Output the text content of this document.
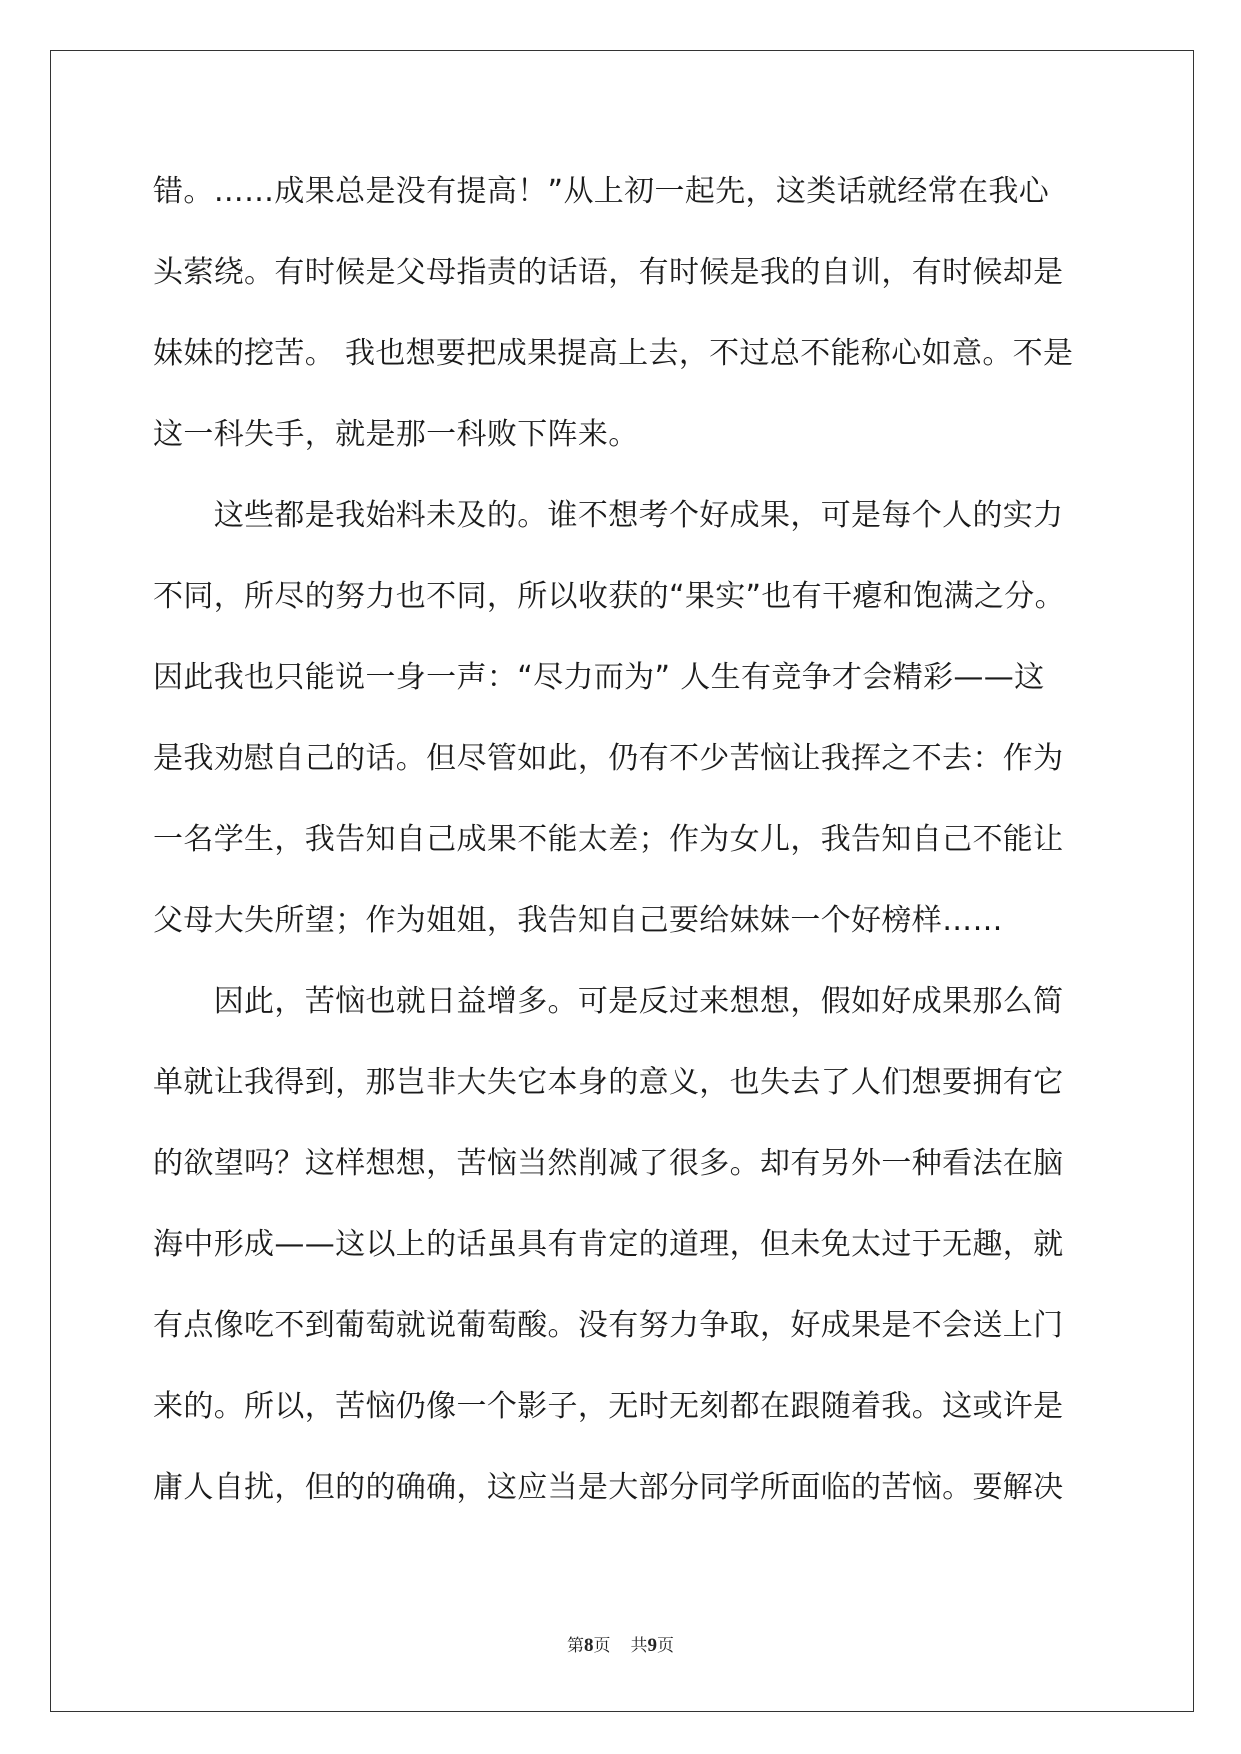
错。……成果总是没有提高！”从上初一起先，这类话就经常在我心
头萦绕。有时候是父母指责的话语，有时候是我的自训，有时候却是
妹妹的挖苦。 我也想要把成果提高上去，不过总不能称心如意。不是
这一科失手，就是那一科败下阵来。
　　这些都是我始料未及的。谁不想考个好成果，可是每个人的实力
不同，所尽的努力也不同，所以收获的“果实”也有干瘪和饱满之分。
因此我也只能说一身一声：“尽力而为” 人生有竞争才会精彩——这
是我劝慰自己的话。但尽管如此，仍有不少苦恼让我挥之不去：作为
一名学生，我告知自己成果不能太差；作为女儿，我告知自己不能让
父母大失所望；作为姐姐，我告知自己要给妹妹一个好榜样……
　　因此，苦恼也就日益增多。可是反过来想想，假如好成果那么简
单就让我得到，那岂非大失它本身的意义，也失去了人们想要拥有它
的欲望吗？这样想想，苦恼当然削减了很多。却有另外一种看法在脑
海中形成——这以上的话虽具有肯定的道理，但未免太过于无趣，就
有点像吃不到葡萄就说葡萄酸。没有努力争取，好成果是不会送上门
来的。所以，苦恼仍像一个影子，无时无刻都在跟随着我。这或许是
庸人自扰，但的的确确，这应当是大部分同学所面临的苦恼。要解决
第8页 共9页
